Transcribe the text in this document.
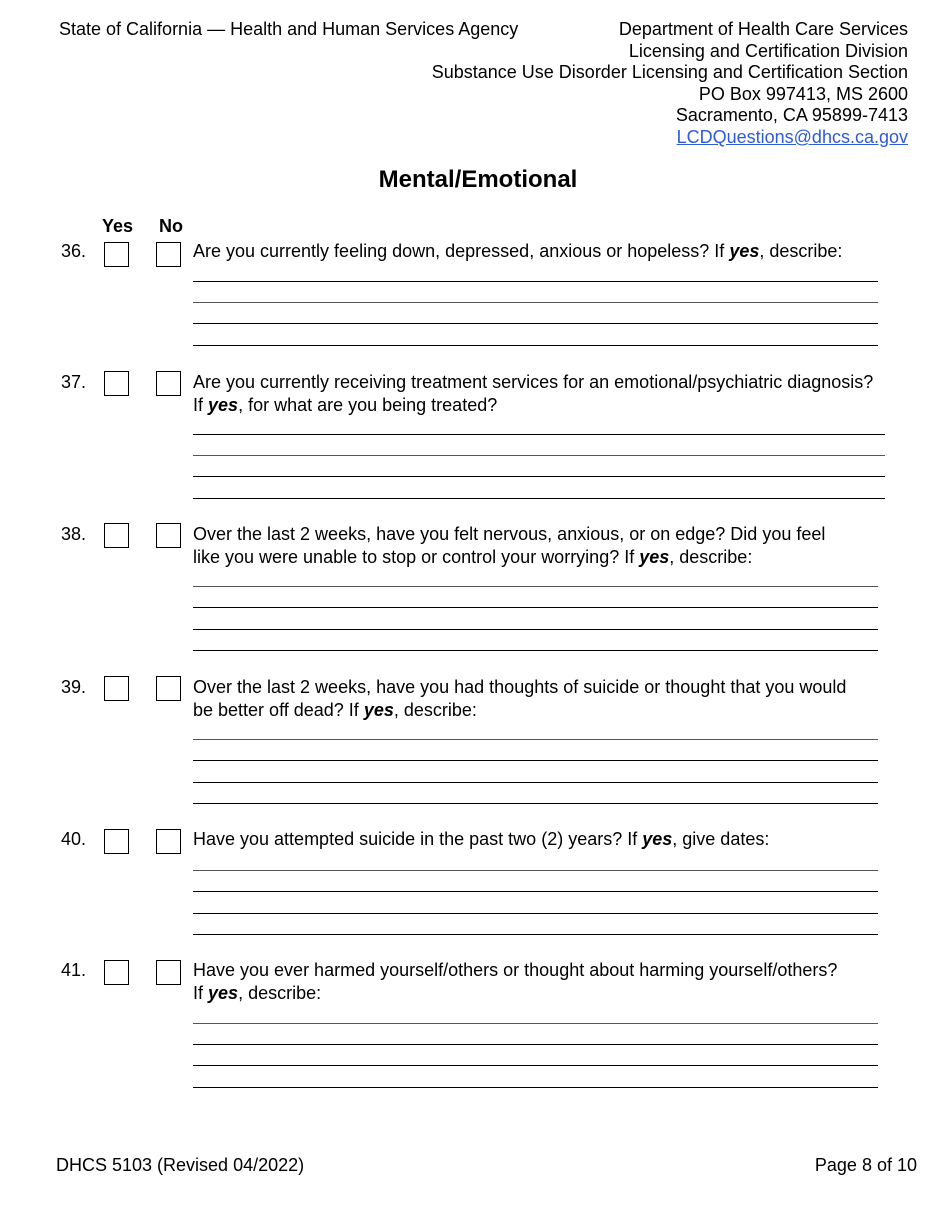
State of California — Health and Human Services Agency	Department of Health Care Services
Licensing and Certification Division
Substance Use Disorder Licensing and Certification Section
PO Box 997413, MS 2600
Sacramento, CA 95899-7413
LCDQuestions@dhcs.ca.gov
Mental/Emotional
Yes No
36.	Are you currently feeling down, depressed, anxious or hopeless? If yes, describe:
37.	Are you currently receiving treatment services for an emotional/psychiatric diagnosis?
If yes, for what are you being treated?
38.	Over the last 2 weeks, have you felt nervous, anxious, or on edge? Did you feel
like you were unable to stop or control your worrying? If yes, describe:
39.	Over the last 2 weeks, have you had thoughts of suicide or thought that you would
be better off dead? If yes, describe:
40.	Have you attempted suicide in the past two (2) years? If yes, give dates:
41.	Have you ever harmed yourself/others or thought about harming yourself/others?
If yes, describe:
DHCS 5103 (Revised 04/2022)	Page 8 of 10
